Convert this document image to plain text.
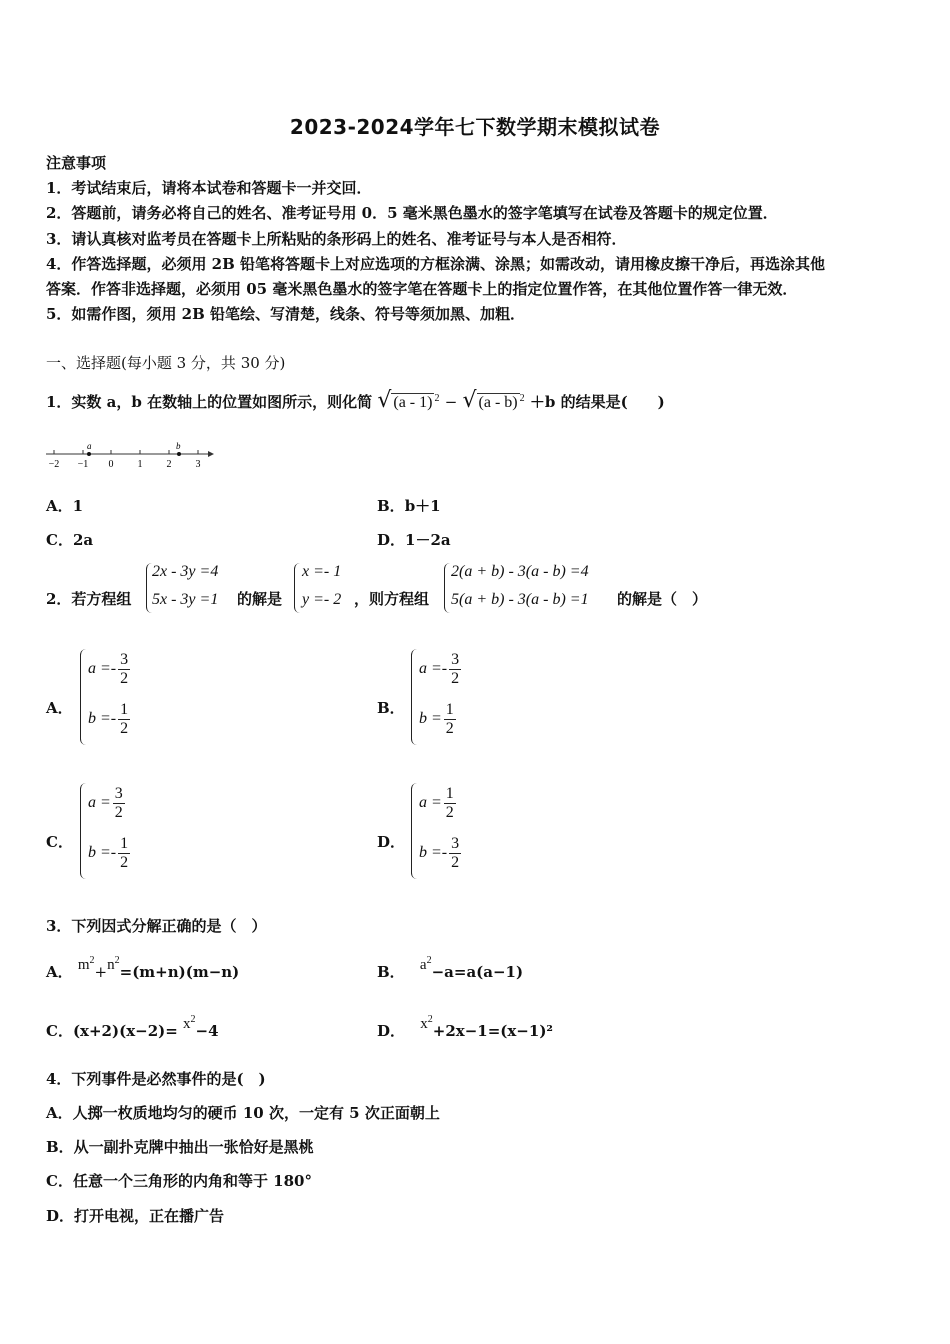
2023-2024学年七下数学期末模拟试卷
注意事项
1．考试结束后，请将本试卷和答题卡一并交回．
2．答题前，请务必将自己的姓名、准考证号用 0．5 毫米黑色墨水的签字笔填写在试卷及答题卡的规定位置．
3．请认真核对监考员在答题卡上所粘贴的条形码上的姓名、准考证号与本人是否相符．
4．作答选择题，必须用 2B 铅笔将答题卡上对应选项的方框涂满、涂黑；如需改动，请用橡皮擦干净后，再选涂其他
答案．作答非选择题，必须用 05 毫米黑色墨水的签字笔在答题卡上的指定位置作答，在其他位置作答一律无效．
5．如需作图，须用 2B 铅笔绘、写清楚，线条、符号等须加黑、加粗．
一、选择题(每小题 3 分，共 30 分)
1．实数 a，b 在数轴上的位置如图所示，则化简 √ (a - 1) $^2$ − √ (a - b) $^2$ ＋b 的结果是(　　)
a	b
−2 −1 0 1 2 3
A．1	B．b＋1
C．2a	D．1－2a
2．若方程组
2x - 3y =4
5x - 3y =1 的解是
x =- 1
y =- 2 ，则方程组
2(a + b) - 3(a - b) =4
5(a + b) - 3(a - b) =1 的解是（　）
A．
$a =- \frac{3}{2}$
$b =- \frac{1}{2}$	B．
$a =- \frac{3}{2}$
$b = \frac{1}{2}$
C．
$a = \frac{3}{2}$
$b =- \frac{1}{2}$	D．
$a = \frac{1}{2}$
$b =- \frac{3}{2}$
3．下列因式分解正确的是（　）
A． $m^2+n^2=(m+n)(m-n)$	B． $a^2-a=a(a-1)$
C．$(x+2)(x-2)= x^2-4$	D． $x^2+2x-1=(x-1)^2$
4．下列事件是必然事件的是(　)
A．人掷一枚质地均匀的硬币 10 次，一定有 5 次正面朝上
B．从一副扑克牌中抽出一张恰好是黑桃
C．任意一个三角形的内角和等于 180°
D．打开电视，正在播广告
